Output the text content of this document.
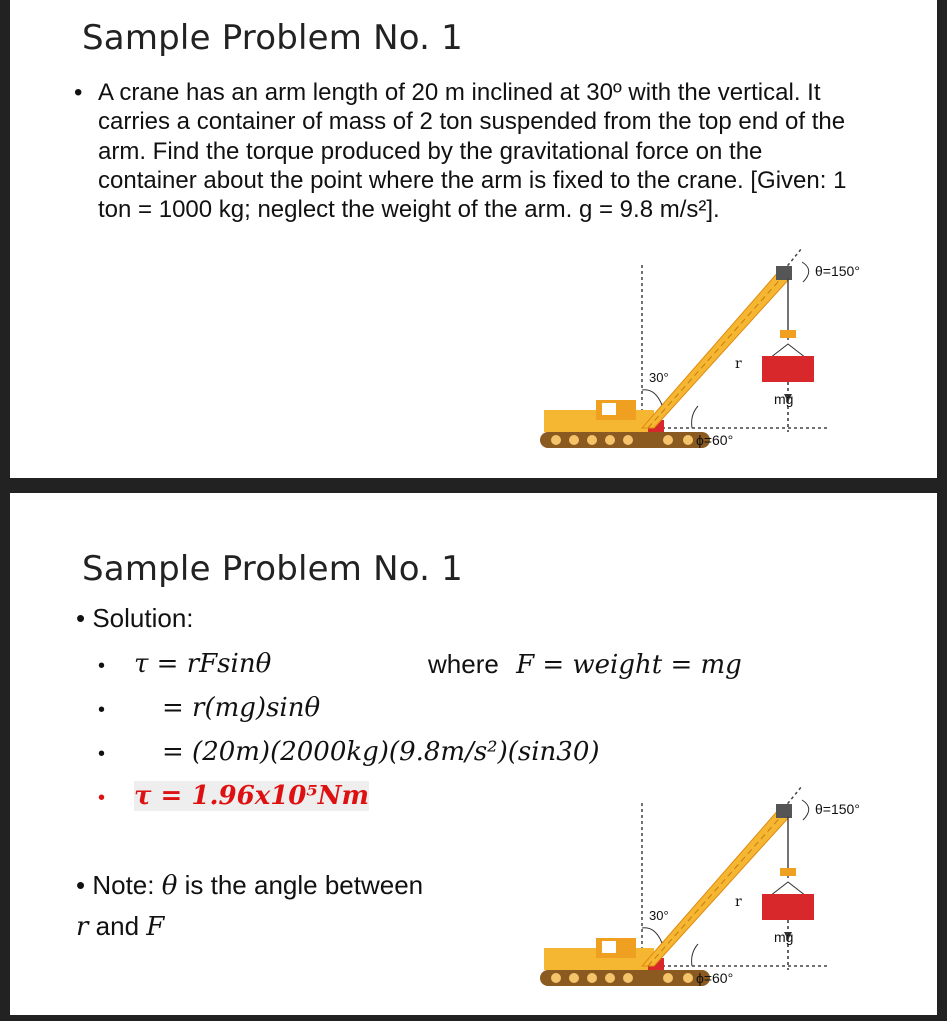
Sample Problem No. 1
• A crane has an arm length of 20 m inclined at 30º with the vertical. It carries a container of mass of 2 ton suspended from the top end of the arm. Find the torque produced by the gravitational force on the container about the point where the arm is fixed to the crane. [Given: 1 ton = 1000 kg; neglect the weight of the arm. g = 9.8 m/s²].
30°
ϕ=60°
θ=150°
r
mg
Sample Problem No. 1
• Solution:
• τ = rFsinθ	where F = weight = mg
• = r(mg)sinθ
• = (20m)(2000kg)(9.8m/s²)(sin30)
• τ = 1.96x10⁵Nm
• Note: θ is the angle between
r and F	30°
ϕ=60°
θ=150°
r
mg
